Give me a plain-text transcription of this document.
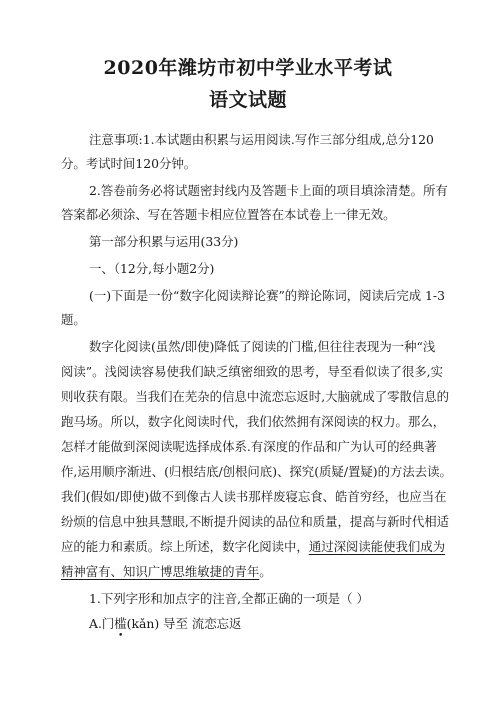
2020年潍坊市初中学业水平考试
语文试题
注意事项:1.本试题由积累与运用阅读.写作三部分组成,总分120
分。考试时间120分钟。
2.答卷前务必将试题密封线内及答题卡上面的项目填涂清楚。所有
答案都必须涂、写在答题卡相应位置答在本试卷上一律无效。
第一部分积累与运用(33分)
一、（12分,每小题2分)
(一)下面是一份“数字化阅读辩论赛”的辩论陈词，阅读后完成 1-3
题。
数字化阅读(虽然/即使)降低了阅读的门槛,但往往表现为一种“浅
阅读”。浅阅读容易使我们缺乏缜密细致的思考，导至看似读了很多,实
则收获有限。当我们在芜杂的信息中流恋忘返时,大脑就成了零散信息的
跑马场。所以，数字化阅读时代，我们依然拥有深阅读的权力。那么，
怎样才能做到深阅读呢选择成体系.有深度的作品和广为认可的经典著
作,运用顺序渐进、(归根结底/创根问底)、探究(质疑/置疑)的方法去读。
我们(假如/即使)做不到像古人读书那样废寝忘食、皓首穷经，也应当在
纷烦的信息中独具慧眼,不断提升阅读的品位和质量，提高与新时代相适
应的能力和素质。综上所述，数字化阅读中，通过深阅读能使我们成为
精神富有、知识广博思维敏捷的青年。
1.下列字形和加点字的注音,全都正确的一项是（ ）
A.门槛(kǎn) 导至 流恋忘返
•
